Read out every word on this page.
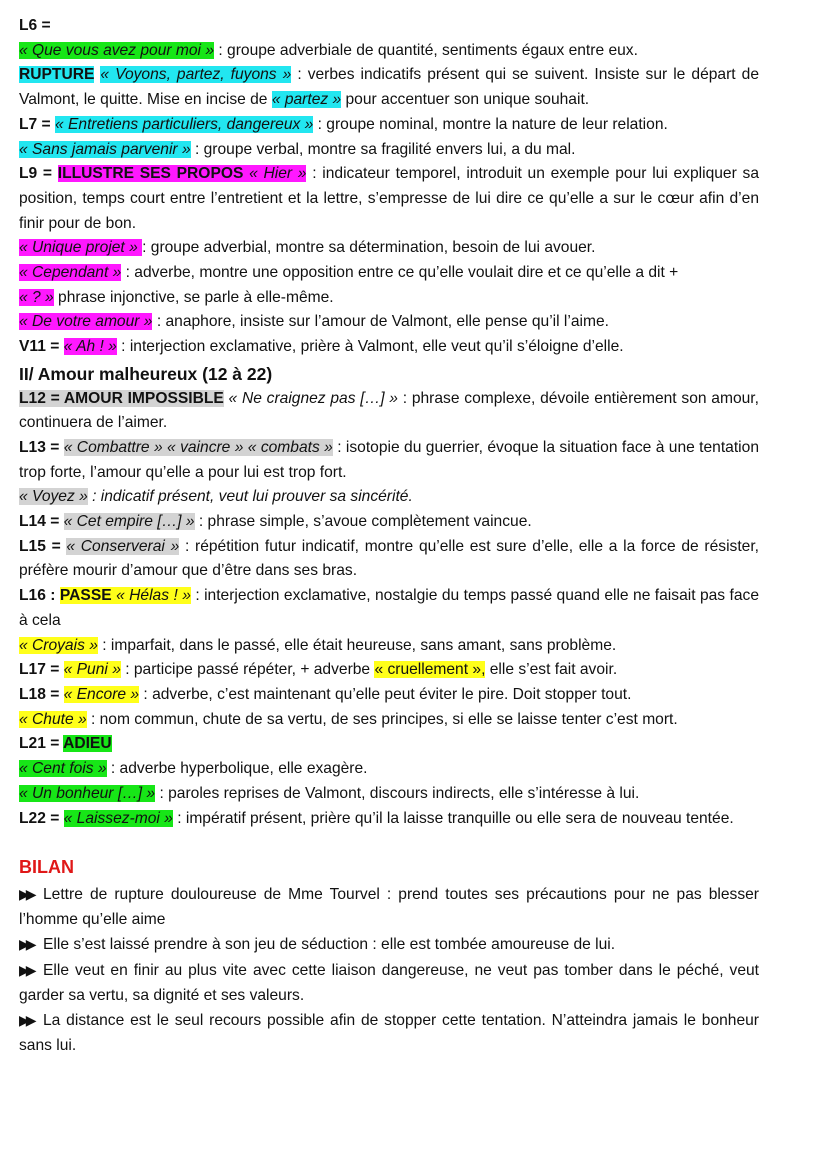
L6 =
« Que vous avez pour moi » : groupe adverbiale de quantité, sentiments égaux entre eux.
RUPTURE « Voyons, partez, fuyons » : verbes indicatifs présent qui se suivent. Insiste sur le départ de Valmont, le quitte. Mise en incise de « partez » pour accentuer son unique souhait.
L7 = « Entretiens particuliers, dangereux » : groupe nominal, montre la nature de leur relation.
« Sans jamais parvenir » : groupe verbal, montre sa fragilité envers lui, a du mal.
L9 = ILLUSTRE SES PROPOS « Hier » : indicateur temporel, introduit un exemple pour lui expliquer sa position, temps court entre l’entretient et la lettre, s’empresse de lui dire ce qu’elle a sur le cœur afin d’en finir pour de bon.
« Unique projet » : groupe adverbial, montre sa détermination, besoin de lui avouer.
« Cependant » : adverbe, montre une opposition entre ce qu’elle voulait dire et ce qu’elle a dit +
« ? » phrase injonctive, se parle à elle-même.
« De votre amour » : anaphore, insiste sur l’amour de Valmont, elle pense qu’il l’aime.
V11 = « Ah ! » : interjection exclamative, prière à Valmont, elle veut qu’il s’éloigne d’elle.
II/ Amour malheureux (12 à 22)
L12 = AMOUR IMPOSSIBLE « Ne craignez pas […] » : phrase complexe, dévoile entièrement son amour, continuera de l’aimer.
L13 = « Combattre » « vaincre » « combats » : isotopie du guerrier, évoque la situation face à une tentation trop forte, l’amour qu’elle a pour lui est trop fort.
« Voyez » : indicatif présent, veut lui prouver sa sincérité.
L14 = « Cet empire […] » : phrase simple, s’avoue complètement vaincue.
L15 = « Conserverai » : répétition futur indicatif, montre qu’elle est sure d’elle, elle a la force de résister, préfère mourir d’amour que d’être dans ses bras.
L16 : PASSE « Hélas ! » : interjection exclamative, nostalgie du temps passé quand elle ne faisait pas face à cela
« Croyais » : imparfait, dans le passé, elle était heureuse, sans amant, sans problème.
L17 = « Puni » : participe passé répéter, + adverbe « cruellement », elle s’est fait avoir.
L18 = « Encore » : adverbe, c’est maintenant qu’elle peut éviter le pire. Doit stopper tout.
« Chute » : nom commun, chute de sa vertu, de ses principes, si elle se laisse tenter c’est mort.
L21 = ADIEU
« Cent fois » : adverbe hyperbolique, elle exagère.
« Un bonheur […] » : paroles reprises de Valmont, discours indirects, elle s’intéresse à lui.
L22 = « Laissez-moi » : impératif présent, prière qu’il la laisse tranquille ou elle sera de nouveau tentée.
BILAN
▶▶ Lettre de rupture douloureuse de Mme Tourvel : prend toutes ses précautions pour ne pas blesser l’homme qu’elle aime
▶▶ Elle s’est laissé prendre à son jeu de séduction : elle est tombée amoureuse de lui.
▶▶ Elle veut en finir au plus vite avec cette liaison dangereuse, ne veut pas tomber dans le péché, veut garder sa vertu, sa dignité et ses valeurs.
▶▶ La distance est le seul recours possible afin de stopper cette tentation. N’atteindra jamais le bonheur sans lui.
